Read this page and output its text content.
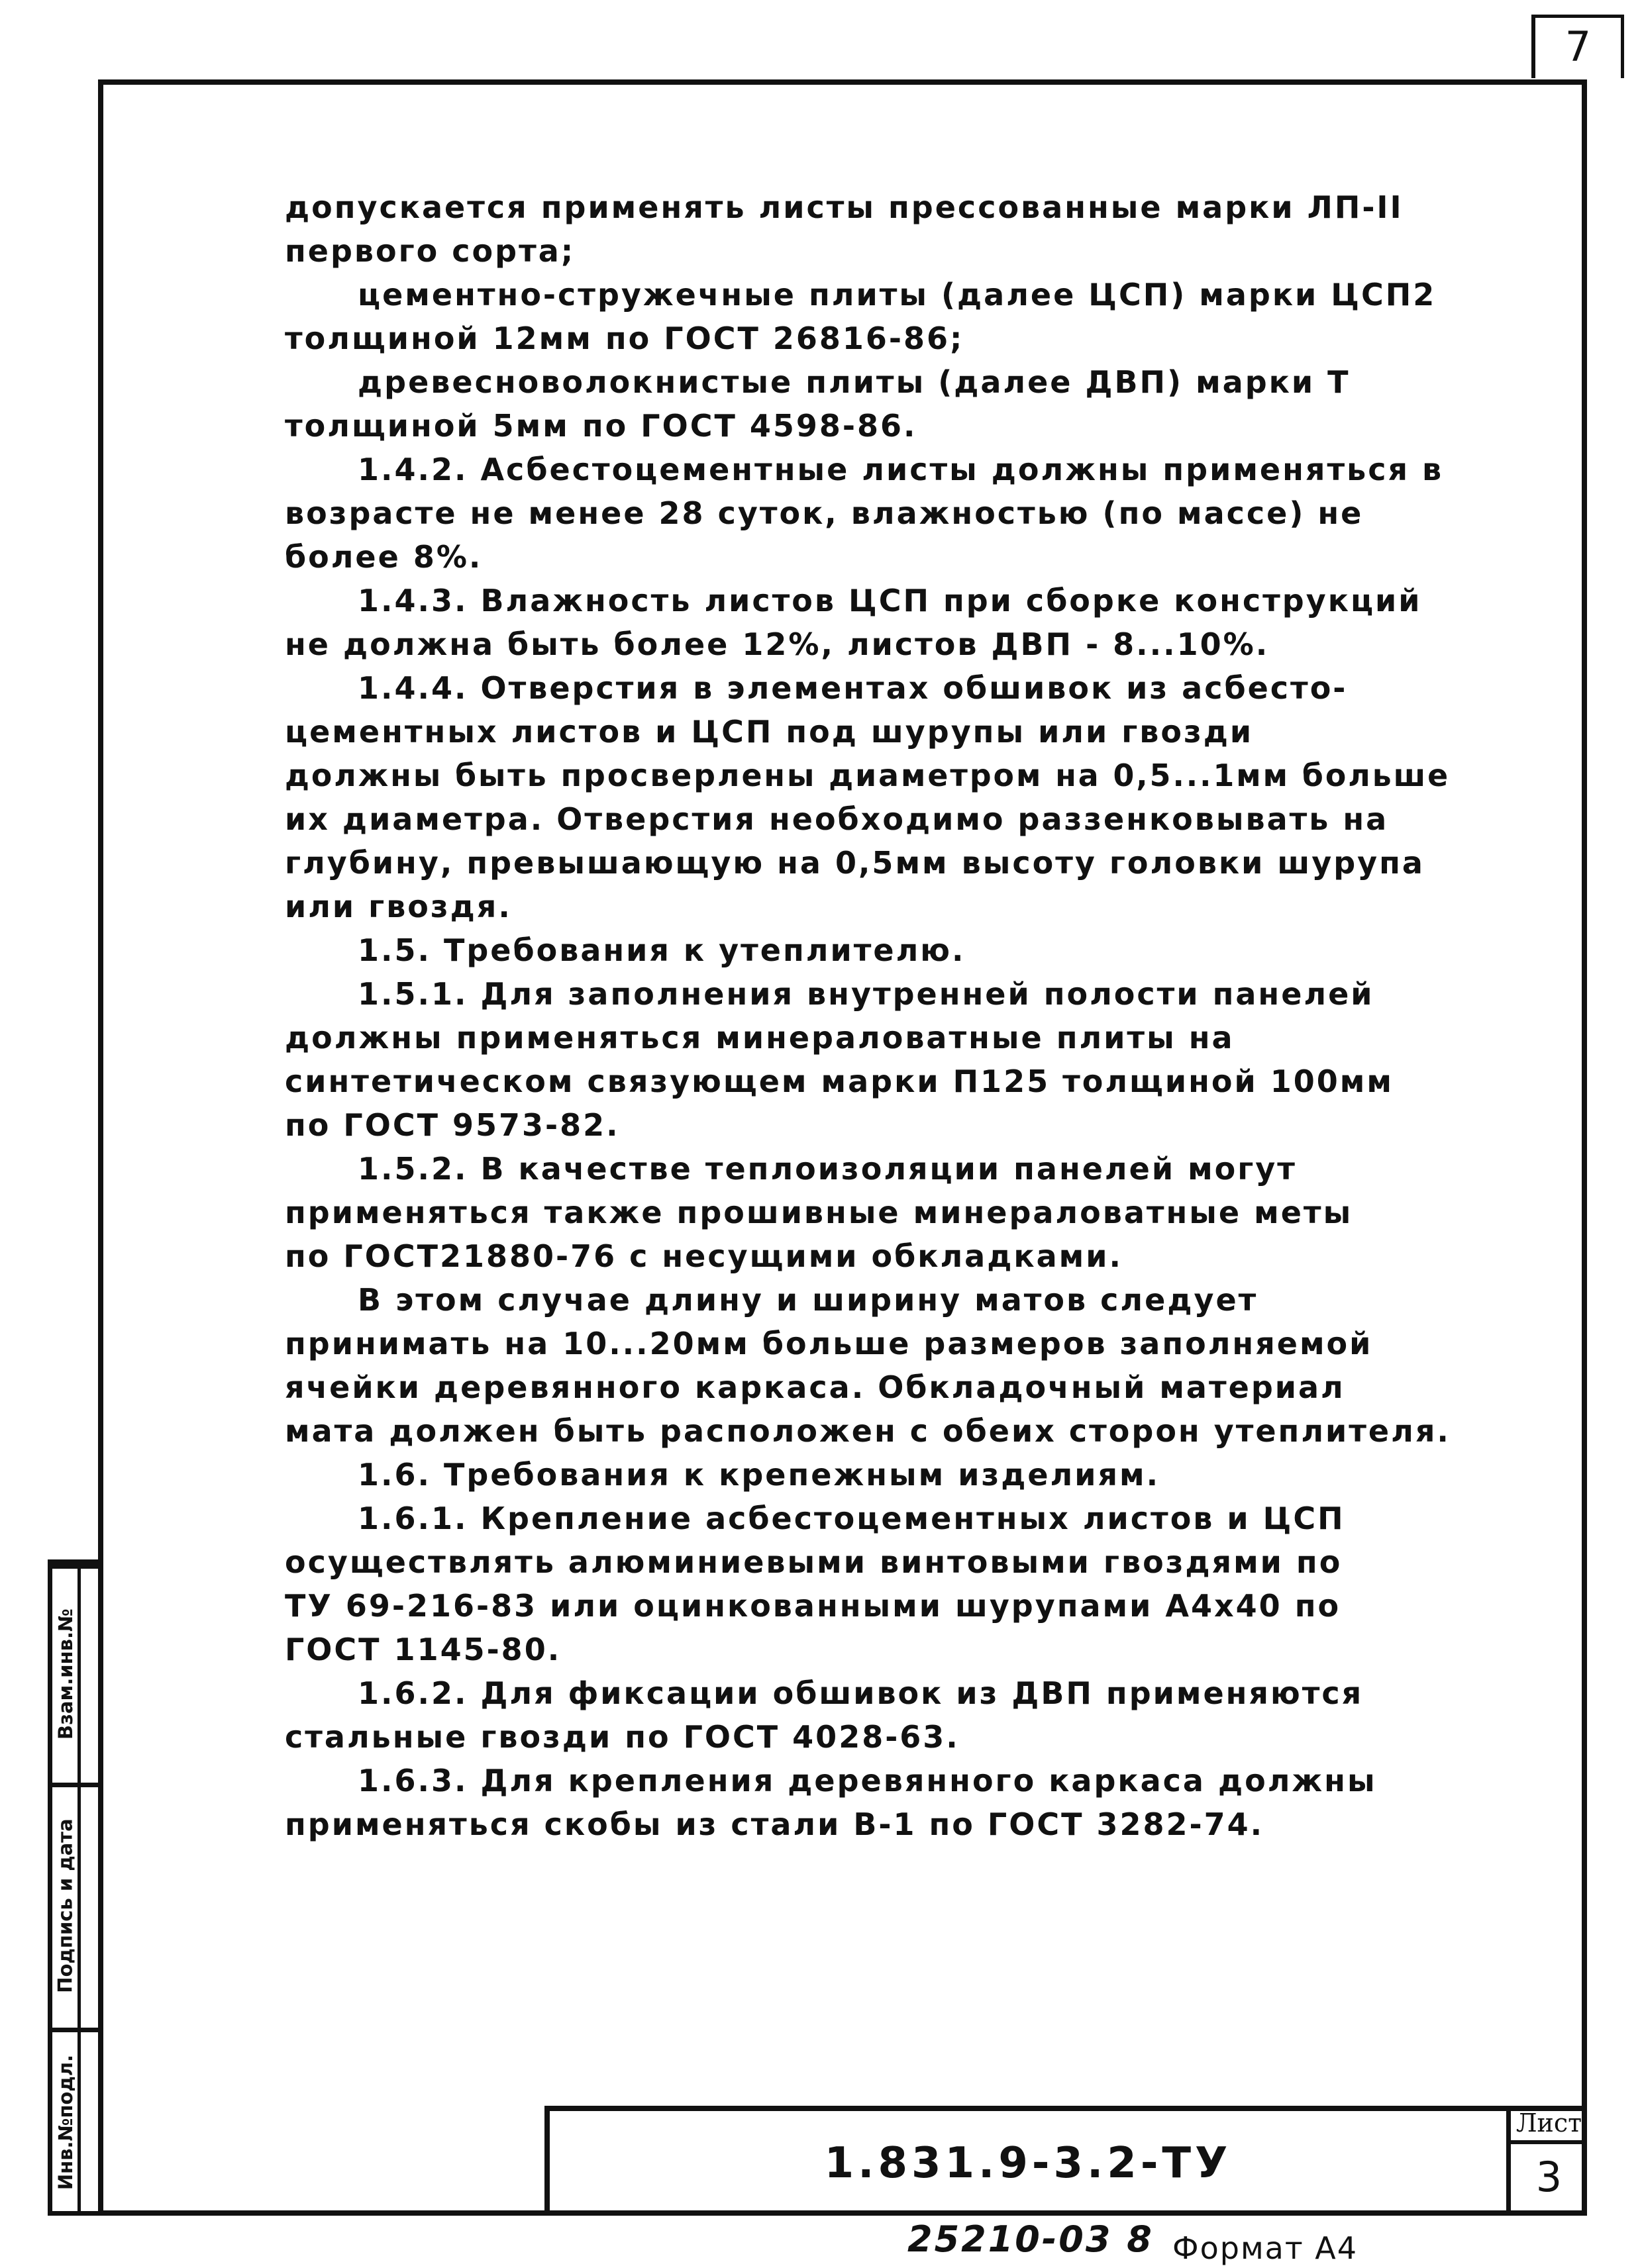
7
Взам.инв.№
Подпись и дата
Инв.№подл.
допускается применять листы прессованные марки ЛП-II
первого сорта;
цементно-стружечные плиты (далее ЦСП) марки ЦСП2
толщиной 12мм по ГОСТ 26816-86;
древесноволокнистые плиты (далее ДВП) марки Т
толщиной 5мм по ГОСТ 4598-86.
1.4.2. Асбестоцементные листы должны применяться в
возрасте не менее 28 суток, влажностью (по массе) не
более 8%.
1.4.3. Влажность листов ЦСП при сборке конструкций
не должна быть более 12%, листов ДВП - 8...10%.
1.4.4. Отверстия в элементах обшивок из асбесто-
цементных листов и ЦСП под шурупы или гвозди
должны быть просверлены диаметром на 0,5...1мм больше
их диаметра. Отверстия необходимо раззенковывать на
глубину, превышающую на 0,5мм высоту головки шурупа
или гвоздя.
1.5. Требования к утеплителю.
1.5.1. Для заполнения внутренней полости панелей
должны применяться минераловатные плиты на
синтетическом связующем марки П125 толщиной 100мм
по ГОСТ 9573-82.
1.5.2. В качестве теплоизоляции панелей могут
применяться также прошивные минераловатные меты
по ГОСТ21880-76 с несущими обкладками.
В этом случае длину и ширину матов следует
принимать на 10...20мм больше размеров заполняемой
ячейки деревянного каркаса. Обкладочный материал
мата должен быть расположен с обеих сторон утеплителя.
1.6. Требования к крепежным изделиям.
1.6.1. Крепление асбестоцементных листов и ЦСП
осуществлять алюминиевыми винтовыми гвоздями по
ТУ 69-216-83 или оцинкованными шурупами А4х40 по
ГОСТ 1145-80.
1.6.2. Для фиксации обшивок из ДВП применяются
стальные гвозди по ГОСТ 4028-63.
1.6.3. Для крепления деревянного каркаса должны
применяться скобы из стали В-1 по ГОСТ 3282-74.
1.831.9-3.2-ТУ
Лист
3
25210-03 8 Формат А4
